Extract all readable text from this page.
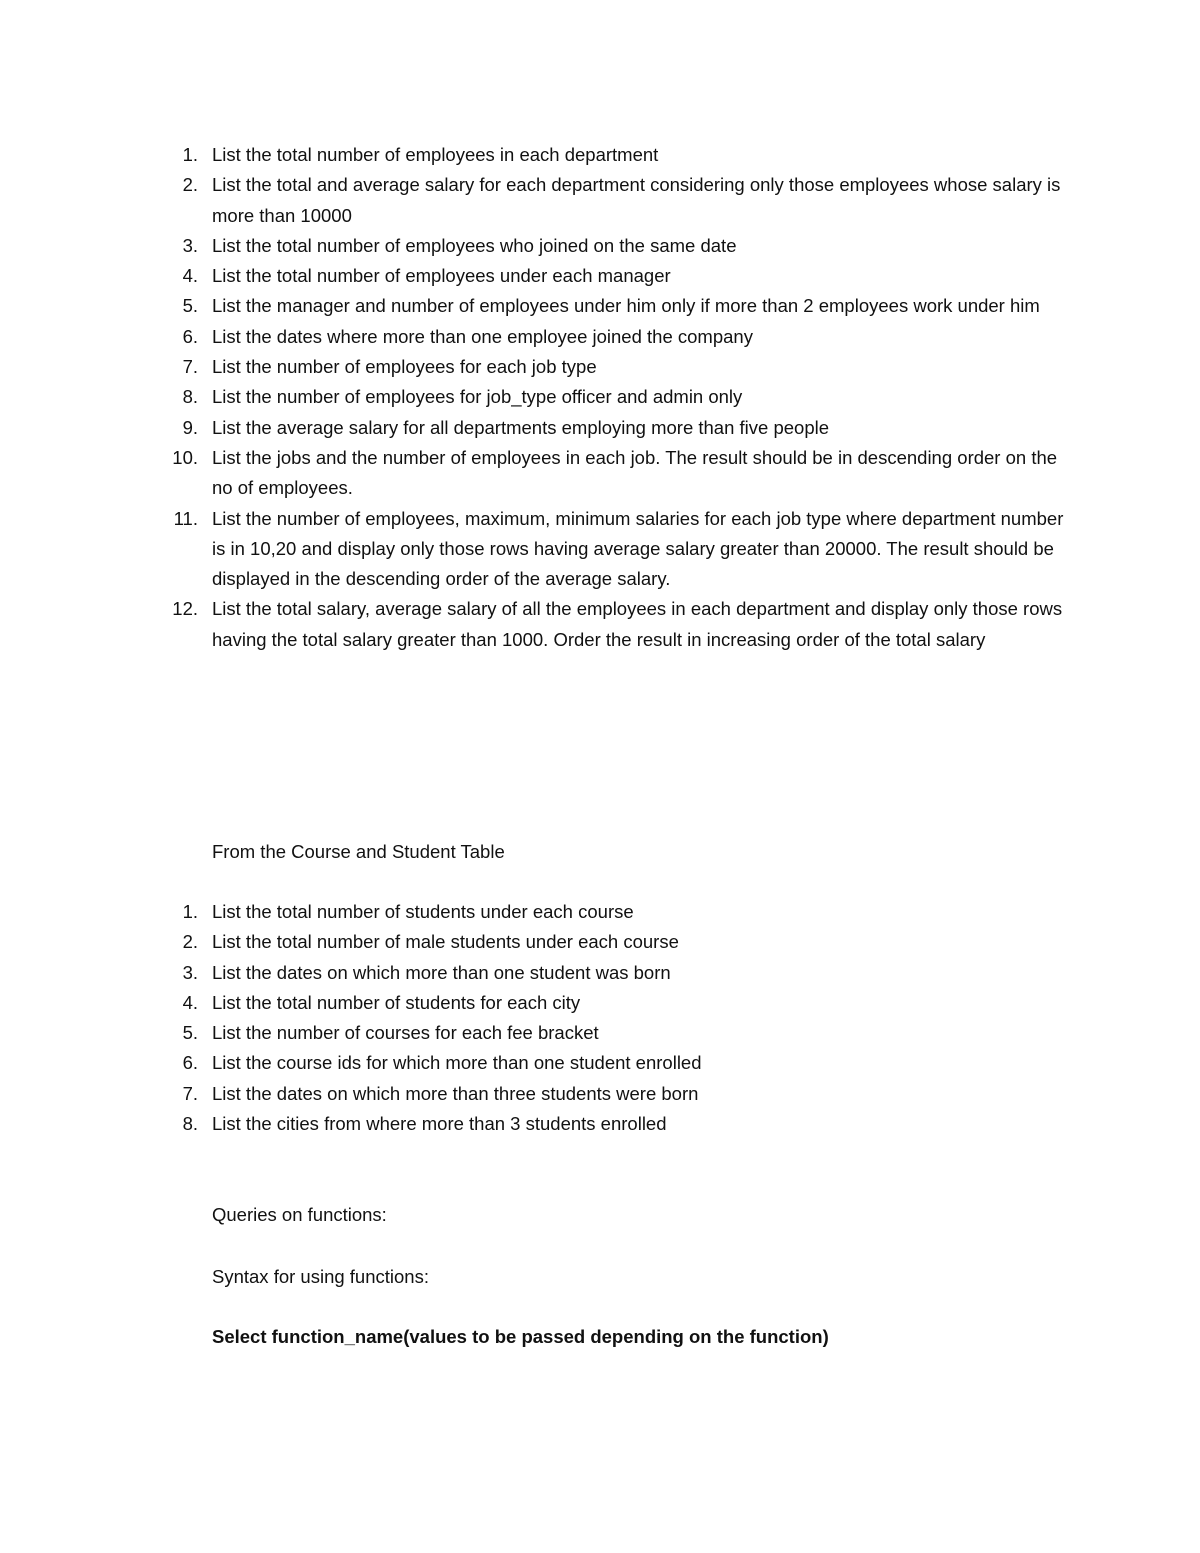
1. List the total number of employees in each department
2. List the total and average salary for each department considering only those employees whose salary is more than 10000
3. List the total number of employees who joined on the same date
4. List the total number of employees under each manager
5. List the manager and number of employees under him only if more than 2 employees work under him
6. List the dates where more than one employee joined the company
7. List the number of employees for each job type
8. List the number of employees for job_type officer and admin only
9. List the average salary for all departments employing more than five people
10. List the jobs and the number of employees in each job. The result should be in descending order on the no of employees.
11. List the number of employees, maximum, minimum salaries for each job type where department number is in 10,20 and display only those rows having average salary greater than 20000. The result should be displayed in the descending order of the average salary.
12. List the total salary, average salary of all the employees in each department and display only those rows having the total salary greater than 1000. Order the result in increasing order of the total salary

From the Course and Student Table

1. List the total number of students under each course
2. List the total number of male students under each course
3. List the dates on which more than one student was born
4. List the total number of students for each city
5. List the number of courses for each fee bracket
6. List the course ids for which more than one student enrolled
7. List the dates on which more than three students were born
8. List the cities from where more than 3 students enrolled

Queries on functions:

Syntax for using functions:

Select function_name(values to be passed depending on the function)
